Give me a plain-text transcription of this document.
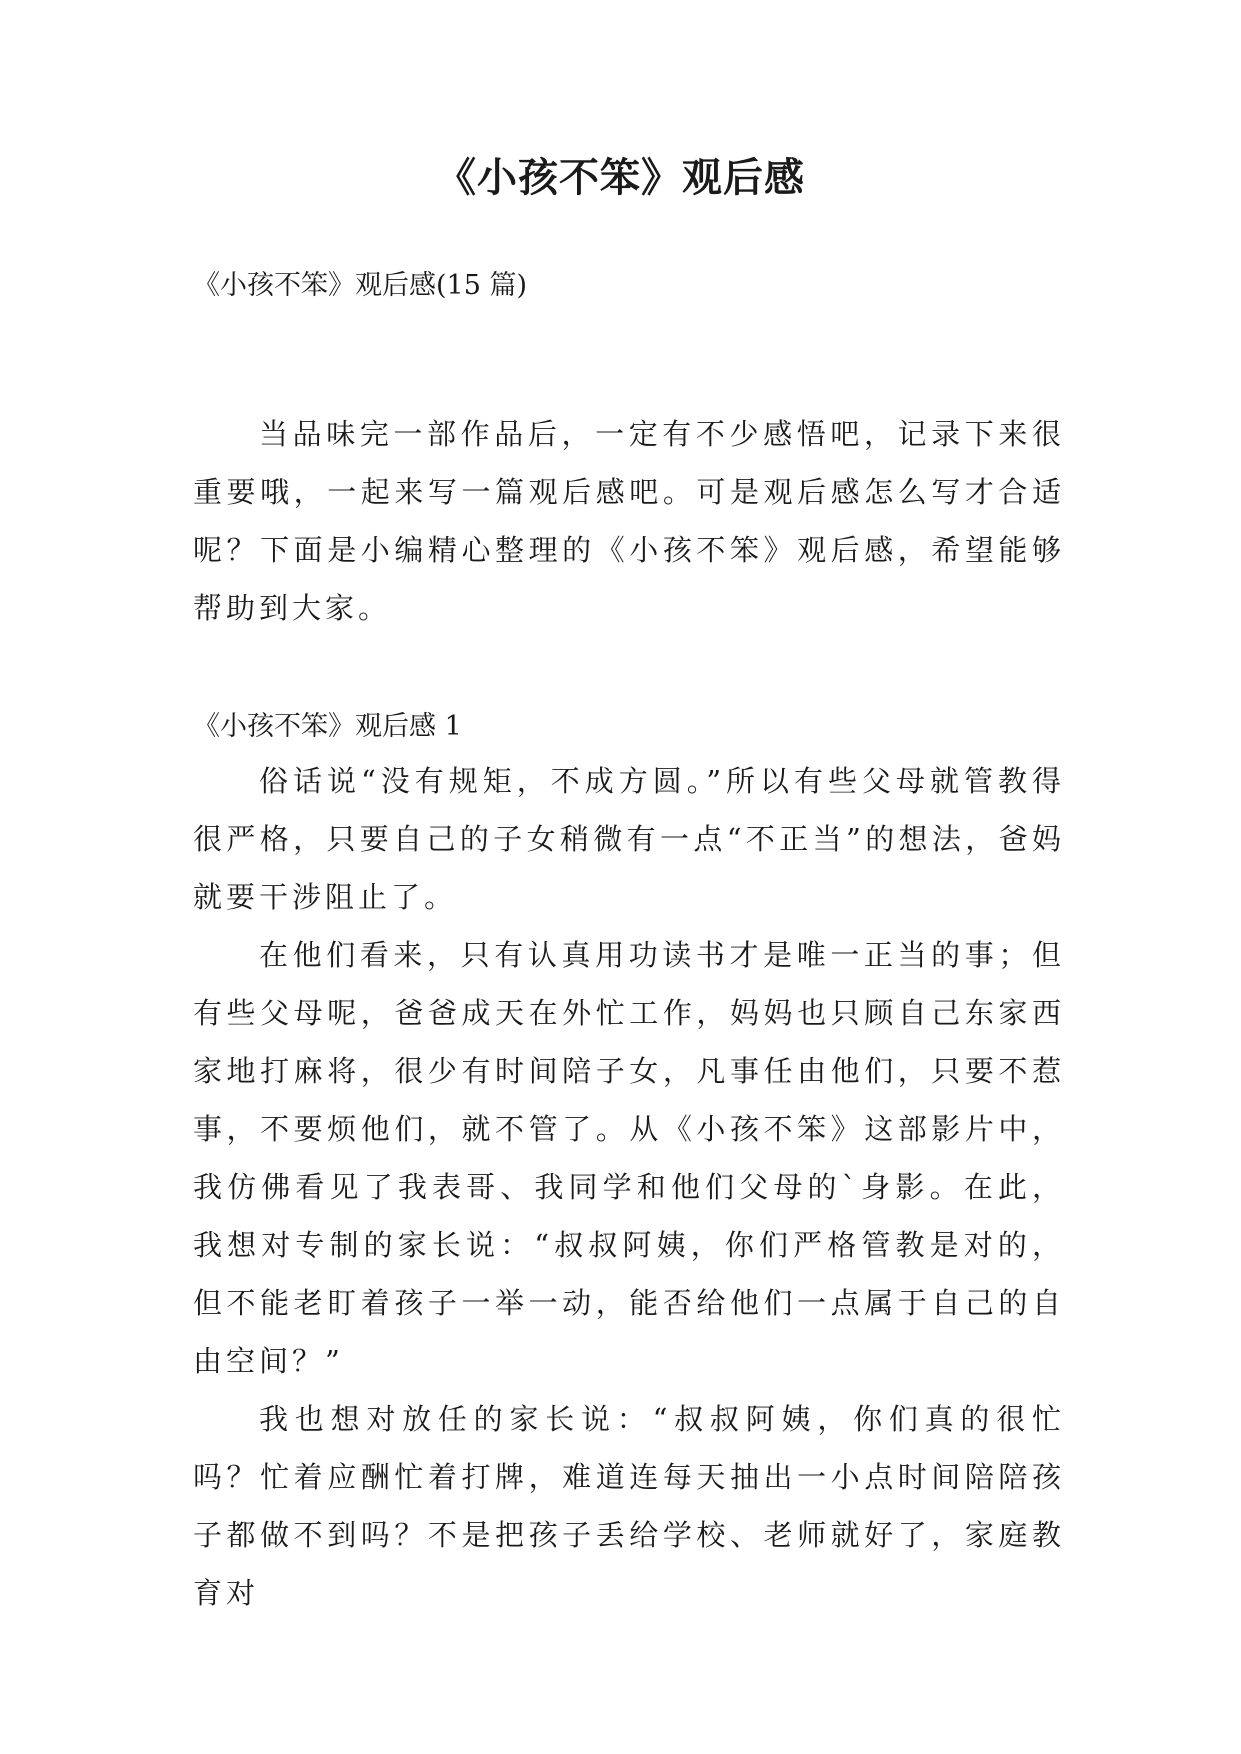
《小孩不笨》观后感

《小孩不笨》观后感(15 篇)

当品味完一部作品后，一定有不少感悟吧，记录下来很重要哦，一起来写一篇观后感吧。可是观后感怎么写才合适呢？下面是小编精心整理的《小孩不笨》观后感，希望能够帮助到大家。

《小孩不笨》观后感 1

俗话说“没有规矩，不成方圆。”所以有些父母就管教得很严格，只要自己的子女稍微有一点“不正当”的想法，爸妈就要干涉阻止了。

在他们看来，只有认真用功读书才是唯一正当的事；但有些父母呢，爸爸成天在外忙工作，妈妈也只顾自己东家西家地打麻将，很少有时间陪子女，凡事任由他们，只要不惹事，不要烦他们，就不管了。从《小孩不笨》这部影片中，我仿佛看见了我表哥、我同学和他们父母的`身影。在此，我想对专制的家长说：“叔叔阿姨，你们严格管教是对的，但不能老盯着孩子一举一动，能否给他们一点属于自己的自由空间？”

我也想对放任的家长说：“叔叔阿姨，你们真的很忙吗？忙着应酬忙着打牌，难道连每天抽出一小点时间陪陪孩子都做不到吗？不是把孩子丢给学校、老师就好了，家庭教育对
